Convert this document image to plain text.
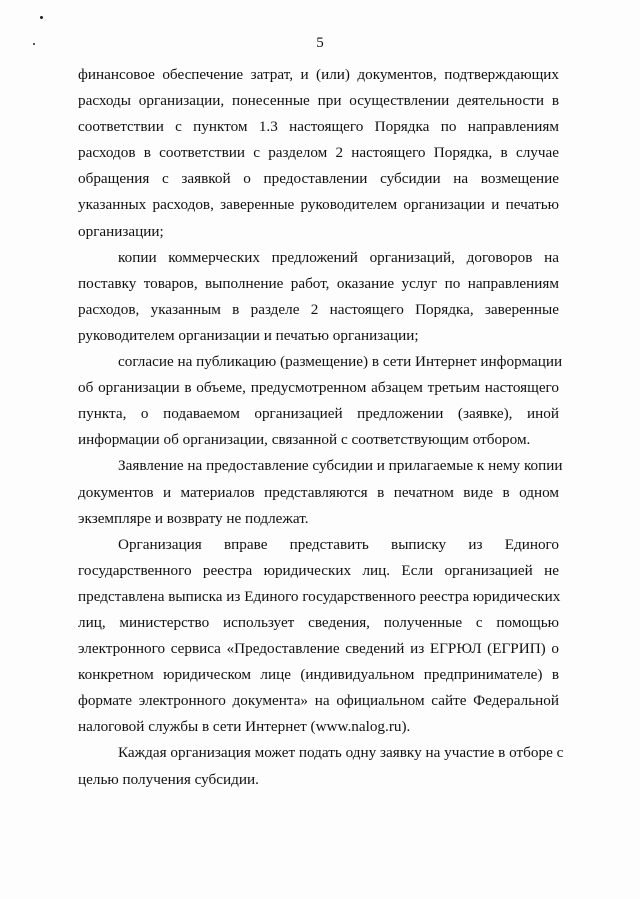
5

финансовое обеспечение затрат, и (или) документов, подтверждающих
расходы организации, понесенные при осуществлении деятельности в
соответствии с пунктом 1.3 настоящего Порядка по направлениям
расходов в соответствии с разделом 2 настоящего Порядка, в случае
обращения с заявкой о предоставлении субсидии на возмещение
указанных расходов, заверенные руководителем организации и печатью
организации;

копии коммерческих предложений организаций, договоров на
поставку товаров, выполнение работ, оказание услуг по направлениям
расходов, указанным в разделе 2 настоящего Порядка, заверенные
руководителем организации и печатью организации;

согласие на публикацию (размещение) в сети Интернет информации
об организации в объеме, предусмотренном абзацем третьим настоящего
пункта, о подаваемом организацией предложении (заявке), иной
информации об организации, связанной с соответствующим отбором.

Заявление на предоставление субсидии и прилагаемые к нему копии
документов и материалов представляются в печатном виде в одном
экземпляре и возврату не подлежат.

Организация вправе представить выписку из Единого
государственного реестра юридических лиц. Если организацией не
представлена выписка из Единого государственного реестра юридических
лиц, министерство использует сведения, полученные с помощью
электронного сервиса «Предоставление сведений из ЕГРЮЛ (ЕГРИП) о
конкретном юридическом лице (индивидуальном предпринимателе) в
формате электронного документа» на официальном сайте Федеральной
налоговой службы в сети Интернет (www.nalog.ru).

Каждая организация может подать одну заявку на участие в отборе с
целью получения субсидии.
